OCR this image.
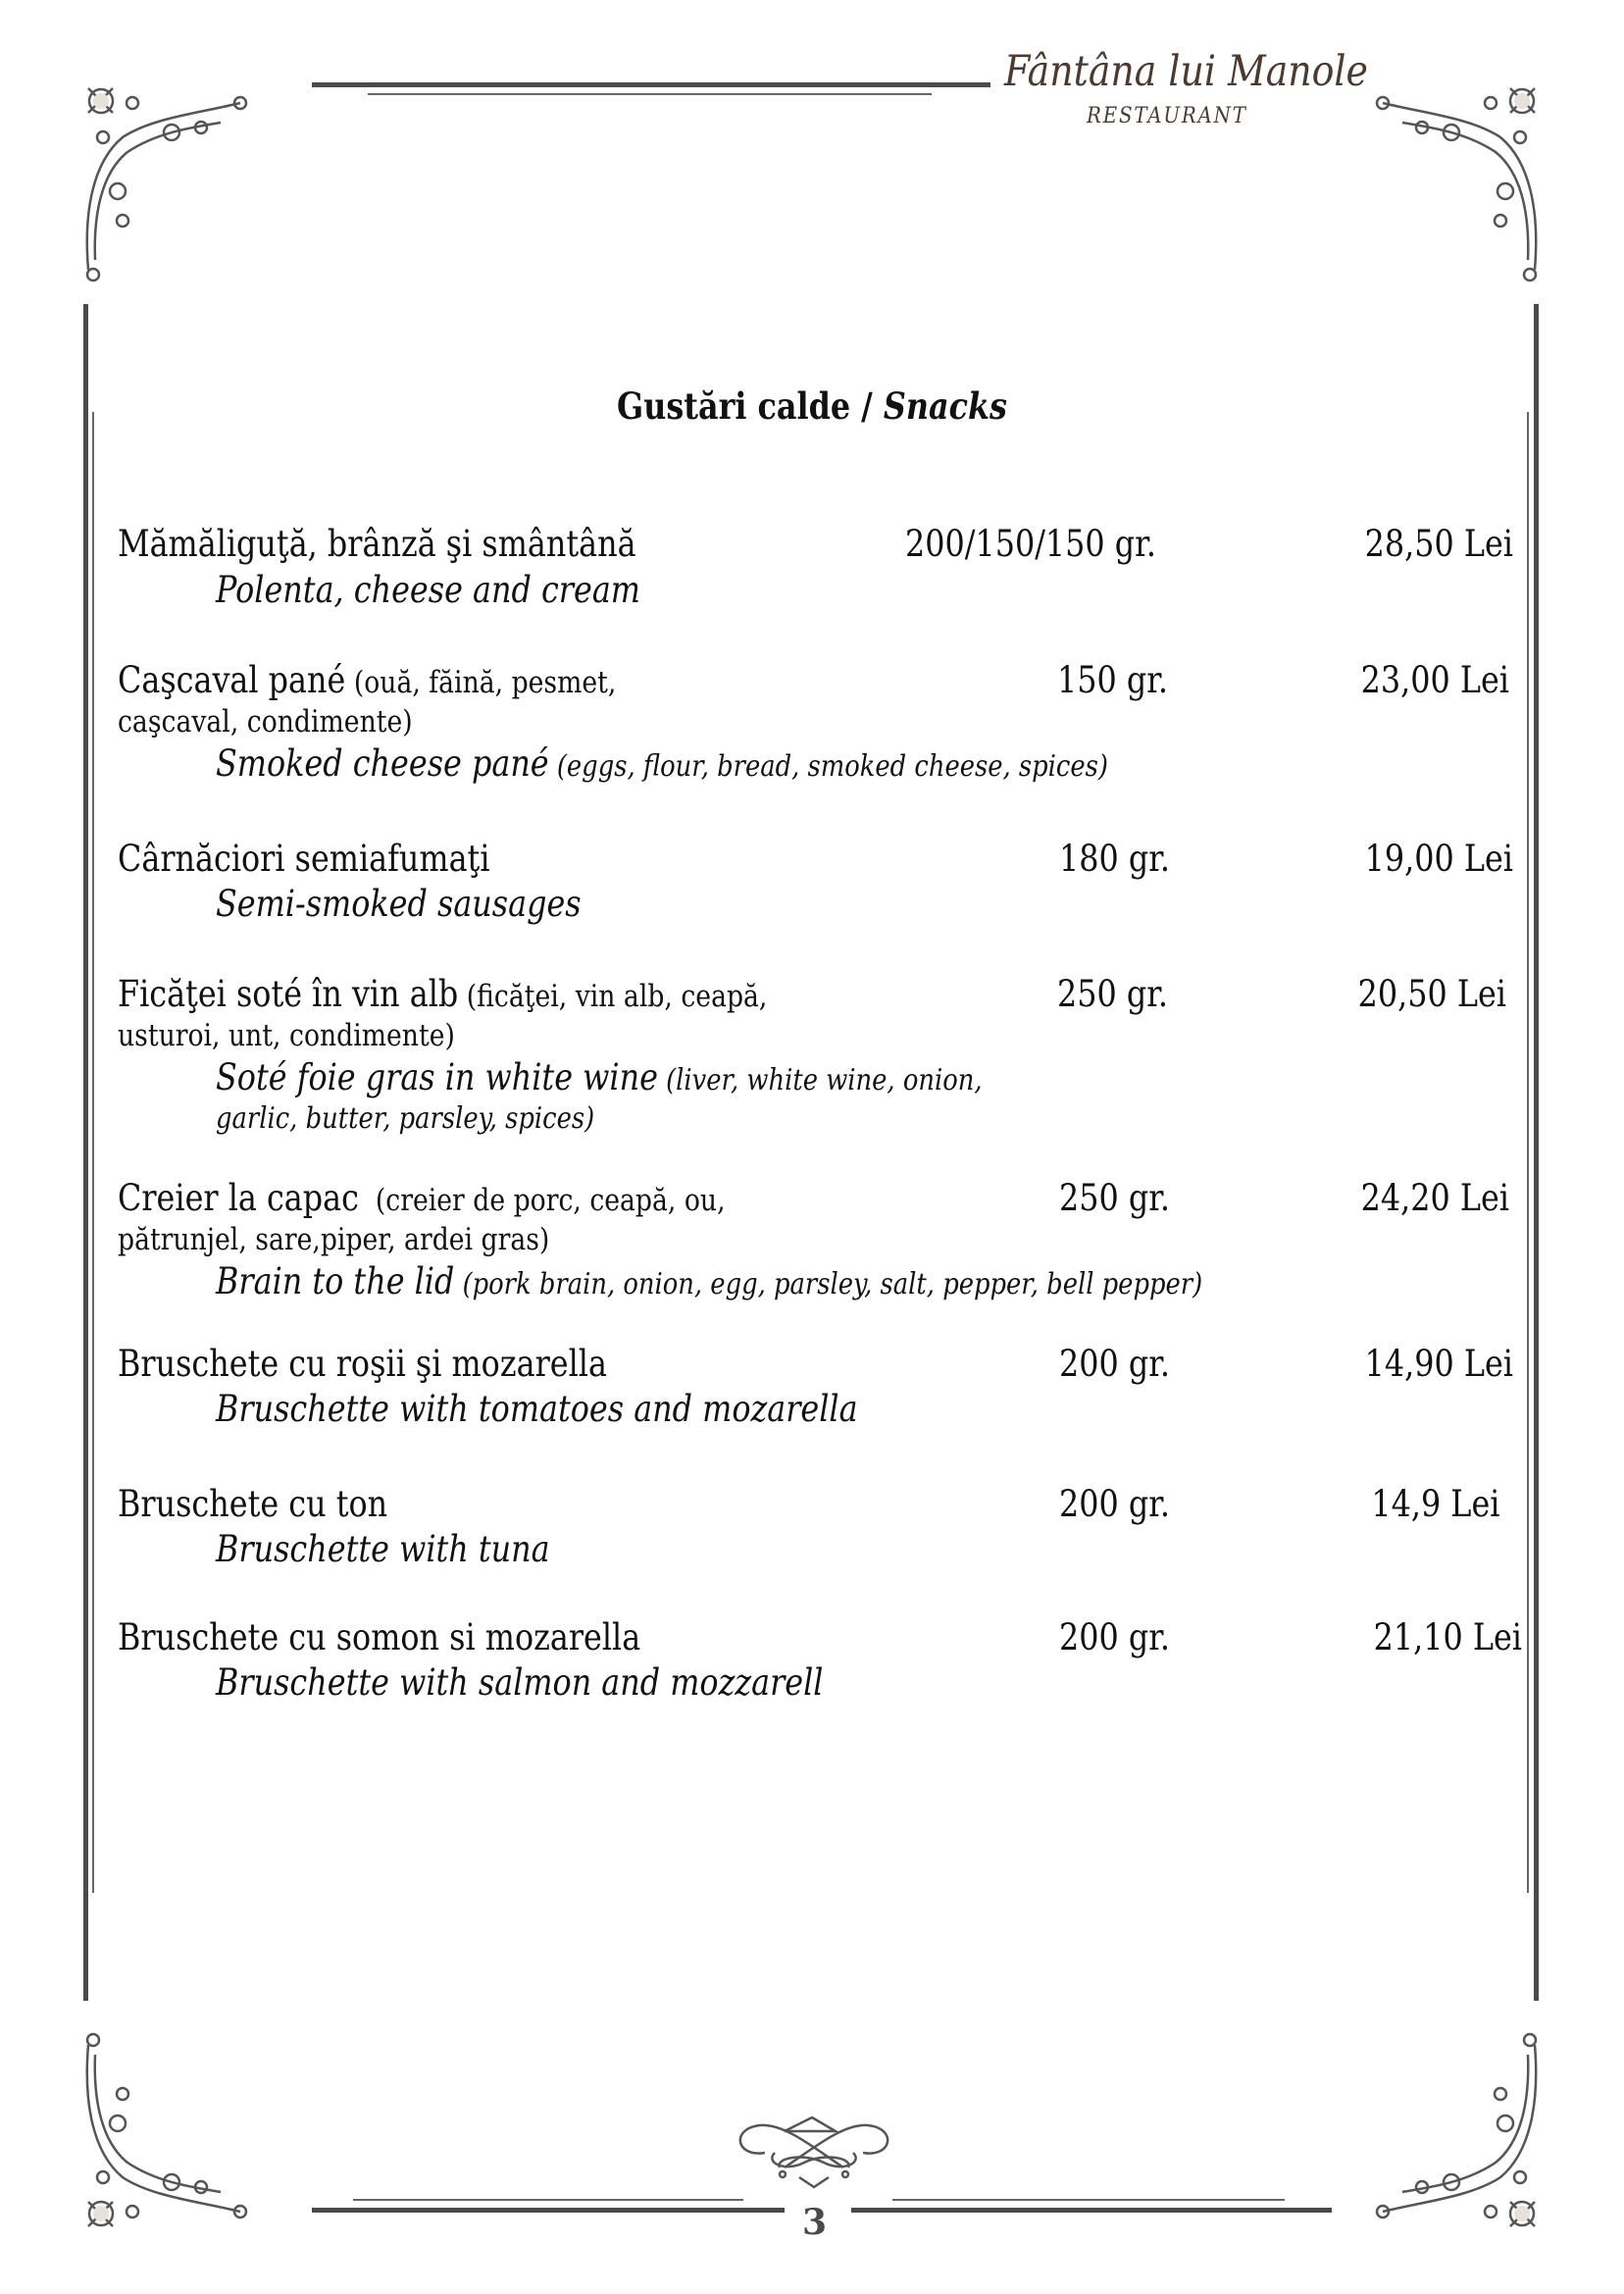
Fântâna lui Manole
RESTAURANT
Gustări calde / Snacks
Mămăliguţă, brânză şi smântână
Polenta, cheese and cream
200/150/150 gr.	28,50 Lei
Caşcaval pané (ouă, făină, pesmet,
caşcaval, condimente)
Smoked cheese pané (eggs, flour, bread, smoked cheese, spices)
150 gr.	23,00 Lei
Cârnăciori semiafumaţi
Semi-smoked sausages
180 gr.	19,00 Lei
Ficăţei soté în vin alb (ficăţei, vin alb, ceapă,
usturoi, unt, condimente)
Soté foie gras in white wine (liver, white wine, onion,
garlic, butter, parsley, spices)
250 gr.	20,50 Lei
Creier la capac  (creier de porc, ceapă, ou,
pătrunjel, sare,piper, ardei gras)
Brain to the lid (pork brain, onion, egg, parsley, salt, pepper, bell pepper)
250 gr.	24,20 Lei
Bruschete cu roşii şi mozarella
Bruschette with tomatoes and mozarella
200 gr.	14,90 Lei
Bruschete cu ton
Bruschette with tuna
200 gr.	14,9 Lei
Bruschete cu somon si mozarella
Bruschette with salmon and mozzarell
200 gr.	21,10 Lei
3
